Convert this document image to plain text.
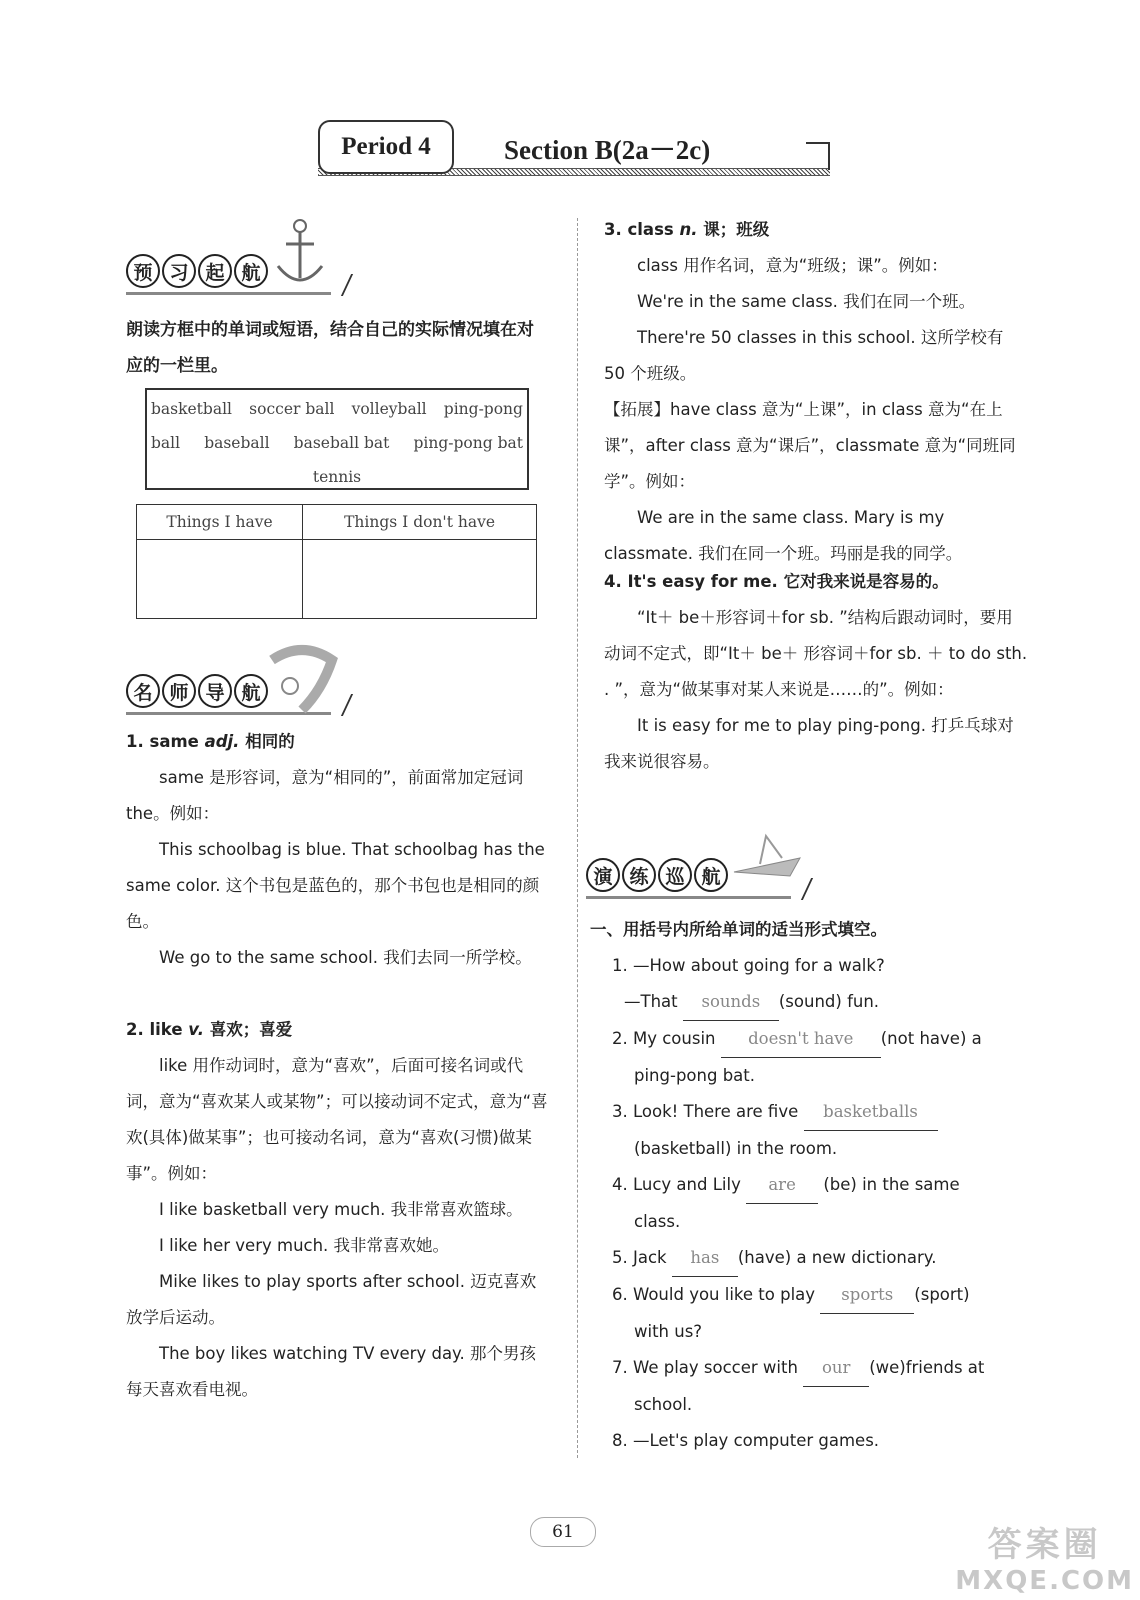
Period 4	Section B(2a－2c)
预 习 起 航
朗读方框中的单词或短语，结合自己的实际情况填在对应的一栏里。
basketball soccer ball volleyball ping-pong
ball baseball baseball bat ping-pong bat
tennis
Things I have	Things I don't have

名 师 导 航
1. same adj. 相同的
same 是形容词，意为“相同的”，前面常加定冠词 the。例如：
This schoolbag is blue. That schoolbag has the same color. 这个书包是蓝色的，那个书包也是相同的颜色。
We go to the same school. 我们去同一所学校。
2. like v. 喜欢；喜爱
like 用作动词时，意为“喜欢”，后面可接名词或代词，意为“喜欢某人或某物”；可以接动词不定式，意为“喜欢(具体)做某事”；也可接动名词，意为“喜欢(习惯)做某事”。例如：
I like basketball very much. 我非常喜欢篮球。
I like her very much. 我非常喜欢她。
Mike likes to play sports after school. 迈克喜欢放学后运动。
The boy likes watching TV every day. 那个男孩每天喜欢看电视。
3. class n. 课；班级
class 用作名词，意为“班级；课”。例如：
We're in the same class. 我们在同一个班。
There're 50 classes in this school. 这所学校有 50 个班级。
【拓展】have class 意为“上课”，in class 意为“在上课”，after class 意为“课后”，classmate 意为“同班同学”。例如：
We are in the same class. Mary is my classmate. 我们在同一个班。玛丽是我的同学。
4. It's easy for me. 它对我来说是容易的。
“It＋ be＋形容词＋for sb. ”结构后跟动词时，要用动词不定式，即“It＋ be＋ 形容词＋for sb. ＋ to do sth. . ”，意为“做某事对某人来说是……的”。例如：
It is easy for me to play ping-pong. 打乒乓球对我来说很容易。
演 练 巡 航
一、用括号内所给单词的适当形式填空。
1. —How about going for a walk?
—That sounds (sound) fun.
2. My cousin doesn't have (not have) a
ping-pong bat.
3. Look! There are five basketballs
(basketball) in the room.
4. Lucy and Lily are (be) in the same
class.
5. Jack has (have) a new dictionary.
6. Would you like to play sports (sport)
with us?
7. We play soccer with our (we)friends at
school.
8. —Let's play computer games.
61	答案圈
MXQE.COM
